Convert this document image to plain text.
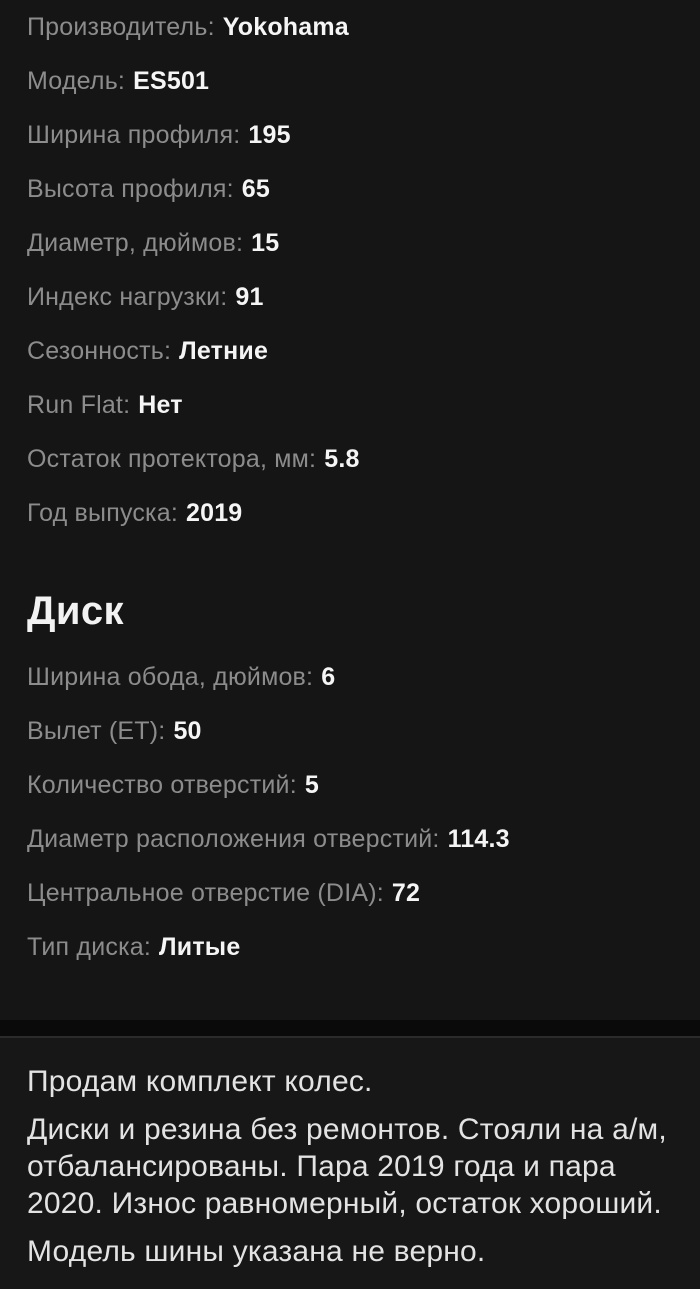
Производитель: Yokohama
Модель: ES501
Ширина профиля: 195
Высота профиля: 65
Диаметр, дюймов: 15
Индекс нагрузки: 91
Сезонность: Летние
Run Flat: Нет
Остаток протектора, мм: 5.8
Год выпуска: 2019
Диск
Ширина обода, дюймов: 6
Вылет (ET): 50
Количество отверстий: 5
Диаметр расположения отверстий: 114.3
Центральное отверстие (DIA): 72
Тип диска: Литые

Продам комплект колес.

Диски и резина без ремонтов. Стояли на а/м, отбалансированы. Пара 2019 года и пара 2020. Износ равномерный, остаток хороший.

Модель шины указана не верно.
